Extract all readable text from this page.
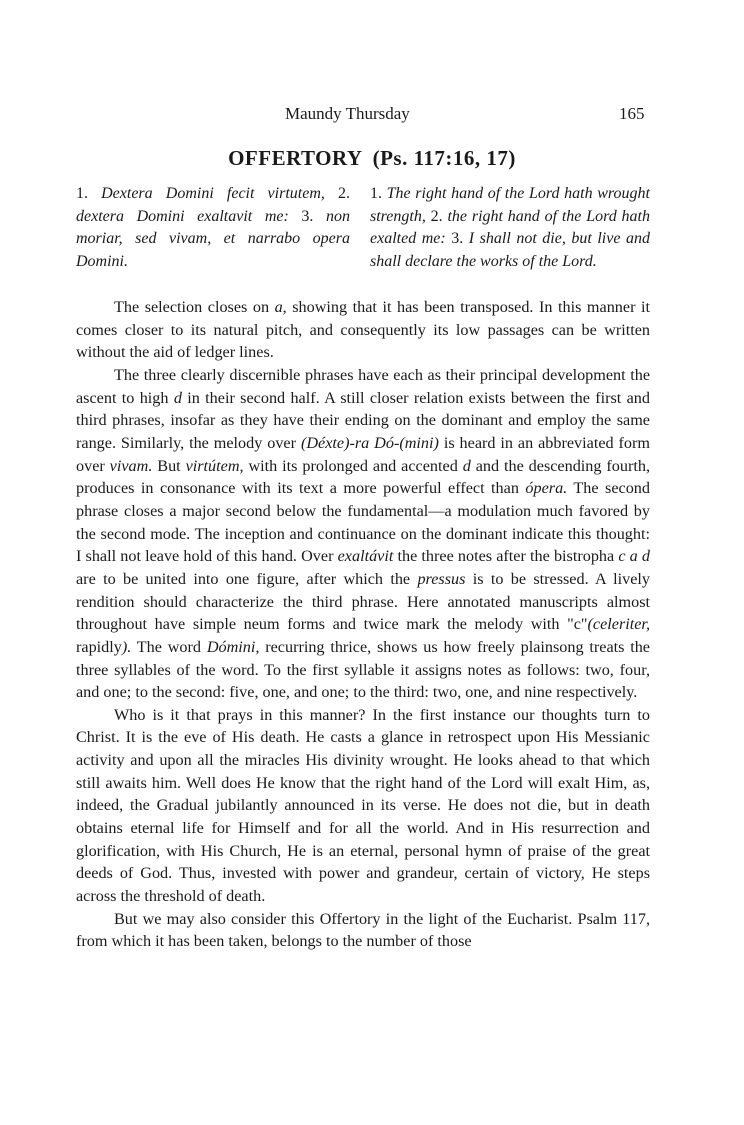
Maundy Thursday	165
OFFERTORY (Ps. 117:16, 17)

1. Dextera Domini fecit virtutem, 2. dextera Domini exaltavit me: 3. non moriar, sed vivam, et narrabo opera Domini.

1. The right hand of the Lord hath wrought strength, 2. the right hand of the Lord hath exalted me: 3. I shall not die, but live and shall declare the works of the Lord.

The selection closes on a, showing that it has been transposed. In this manner it comes closer to its natural pitch, and consequently its low passages can be written without the aid of ledger lines.

The three clearly discernible phrases have each as their principal development the ascent to high d in their second half. A still closer relation exists between the first and third phrases, insofar as they have their ending on the dominant and employ the same range. Similarly, the melody over (Déxte)-ra Dó-(mini) is heard in an abbreviated form over vivam. But virtútem, with its prolonged and accented d and the descending fourth, produces in consonance with its text a more powerful effect than ópera. The second phrase closes a major second below the fundamental—a modulation much favored by the second mode. The inception and continuance on the dominant indicate this thought: I shall not leave hold of this hand. Over exaltávit the three notes after the bistropha c a d are to be united into one figure, after which the pressus is to be stressed. A lively rendition should characterize the third phrase. Here annotated manuscripts almost throughout have simple neum forms and twice mark the melody with "c"(celeriter, rapidly). The word Dómini, recurring thrice, shows us how freely plainsong treats the three syllables of the word. To the first syllable it assigns notes as follows: two, four, and one; to the second: five, one, and one; to the third: two, one, and nine respectively.

Who is it that prays in this manner? In the first instance our thoughts turn to Christ. It is the eve of His death. He casts a glance in retrospect upon His Messianic activity and upon all the miracles His divinity wrought. He looks ahead to that which still awaits him. Well does He know that the right hand of the Lord will exalt Him, as, indeed, the Gradual jubilantly announced in its verse. He does not die, but in death obtains eternal life for Himself and for all the world. And in His resurrection and glorification, with His Church, He is an eternal, personal hymn of praise of the great deeds of God. Thus, invested with power and grandeur, certain of victory, He steps across the threshold of death.

But we may also consider this Offertory in the light of the Eucharist. Psalm 117, from which it has been taken, belongs to the number of those
